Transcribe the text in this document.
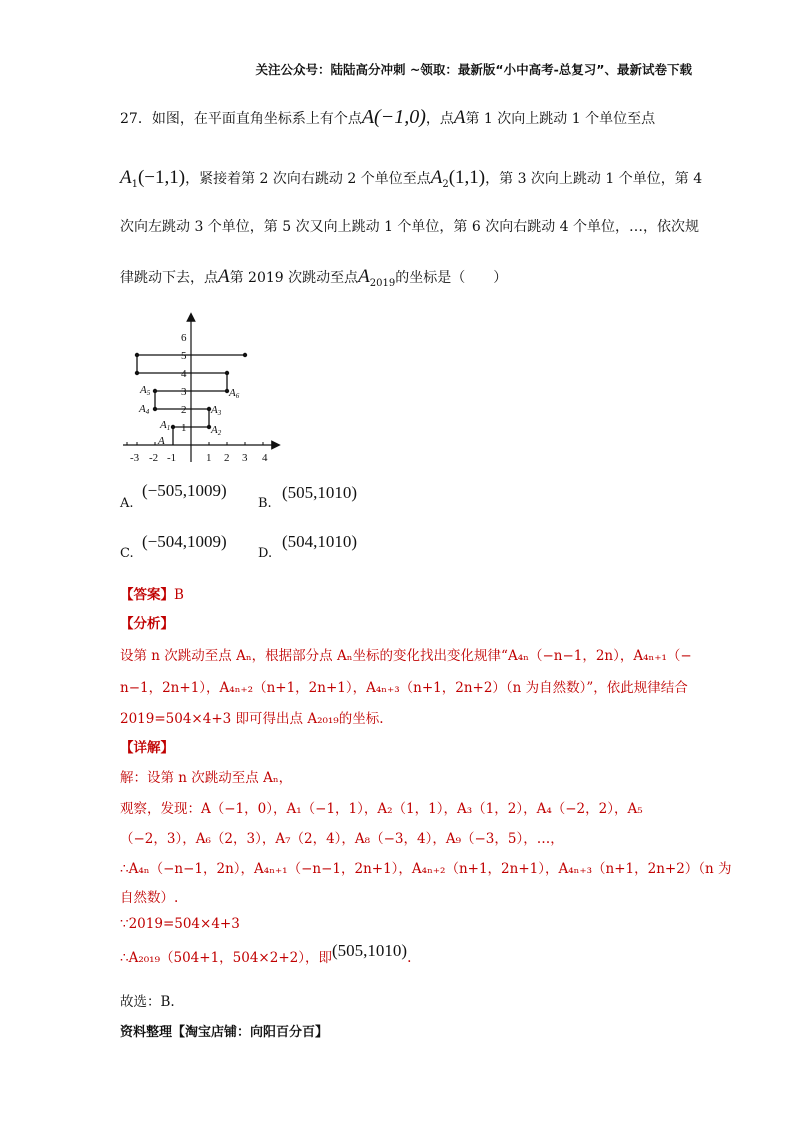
关注公众号：陆陆高分冲刺 ~领取：最新版“小中高考-总复习”、最新试卷下载
27．如图，在平面直角坐标系上有个点A(−1,0)，点A第 1 次向上跳动 1 个单位至点
$A_1(-1,1)$，紧接着第 2 次向右跳动 2 个单位至点$A_2(1,1)$，第 3 次向上跳动 1 个单位，第 4
次向左跳动 3 个单位，第 5 次又向上跳动 1 个单位，第 6 次向右跳动 4 个单位，…，依次规
律跳动下去，点A第 2019 次跳动至点$A_{2019}$的坐标是（　　）
-3 -2 -1	1 2 3 4
1
2
3
4
5
6
A
A1	A2
A3
A4
A5	A6
A.
(−505,1009)
B.
(505,1010)
C.
(−504,1009)
D.
(504,1010)
【答案】B
【分析】
设第 n 次跳动至点 Aₙ，根据部分点 Aₙ坐标的变化找出变化规律“A₄ₙ（−n−1，2n），A₄ₙ₊₁（−
n−1，2n+1），A₄ₙ₊₂（n+1，2n+1），A₄ₙ₊₃（n+1，2n+2）（n 为自然数）”，依此规律结合
2019=504×4+3 即可得出点 A₂₀₁₉的坐标.
【详解】
解：设第 n 次跳动至点 Aₙ，
观察，发现：A（−1，0），A₁（−1，1），A₂（1，1），A₃（1，2），A₄（−2，2），A₅
（−2，3），A₆（2，3），A₇（2，4），A₈（−3，4），A₉（−3，5），…，
∴A₄ₙ（−n−1，2n），A₄ₙ₊₁（−n−1，2n+1），A₄ₙ₊₂（n+1，2n+1），A₄ₙ₊₃（n+1，2n+2）（n 为
自然数）.
∵2019=504×4+3
∴A₂₀₁₉（504+1，504×2+2），即(505,1010).
故选：B.
资料整理【淘宝店铺：向阳百分百】
